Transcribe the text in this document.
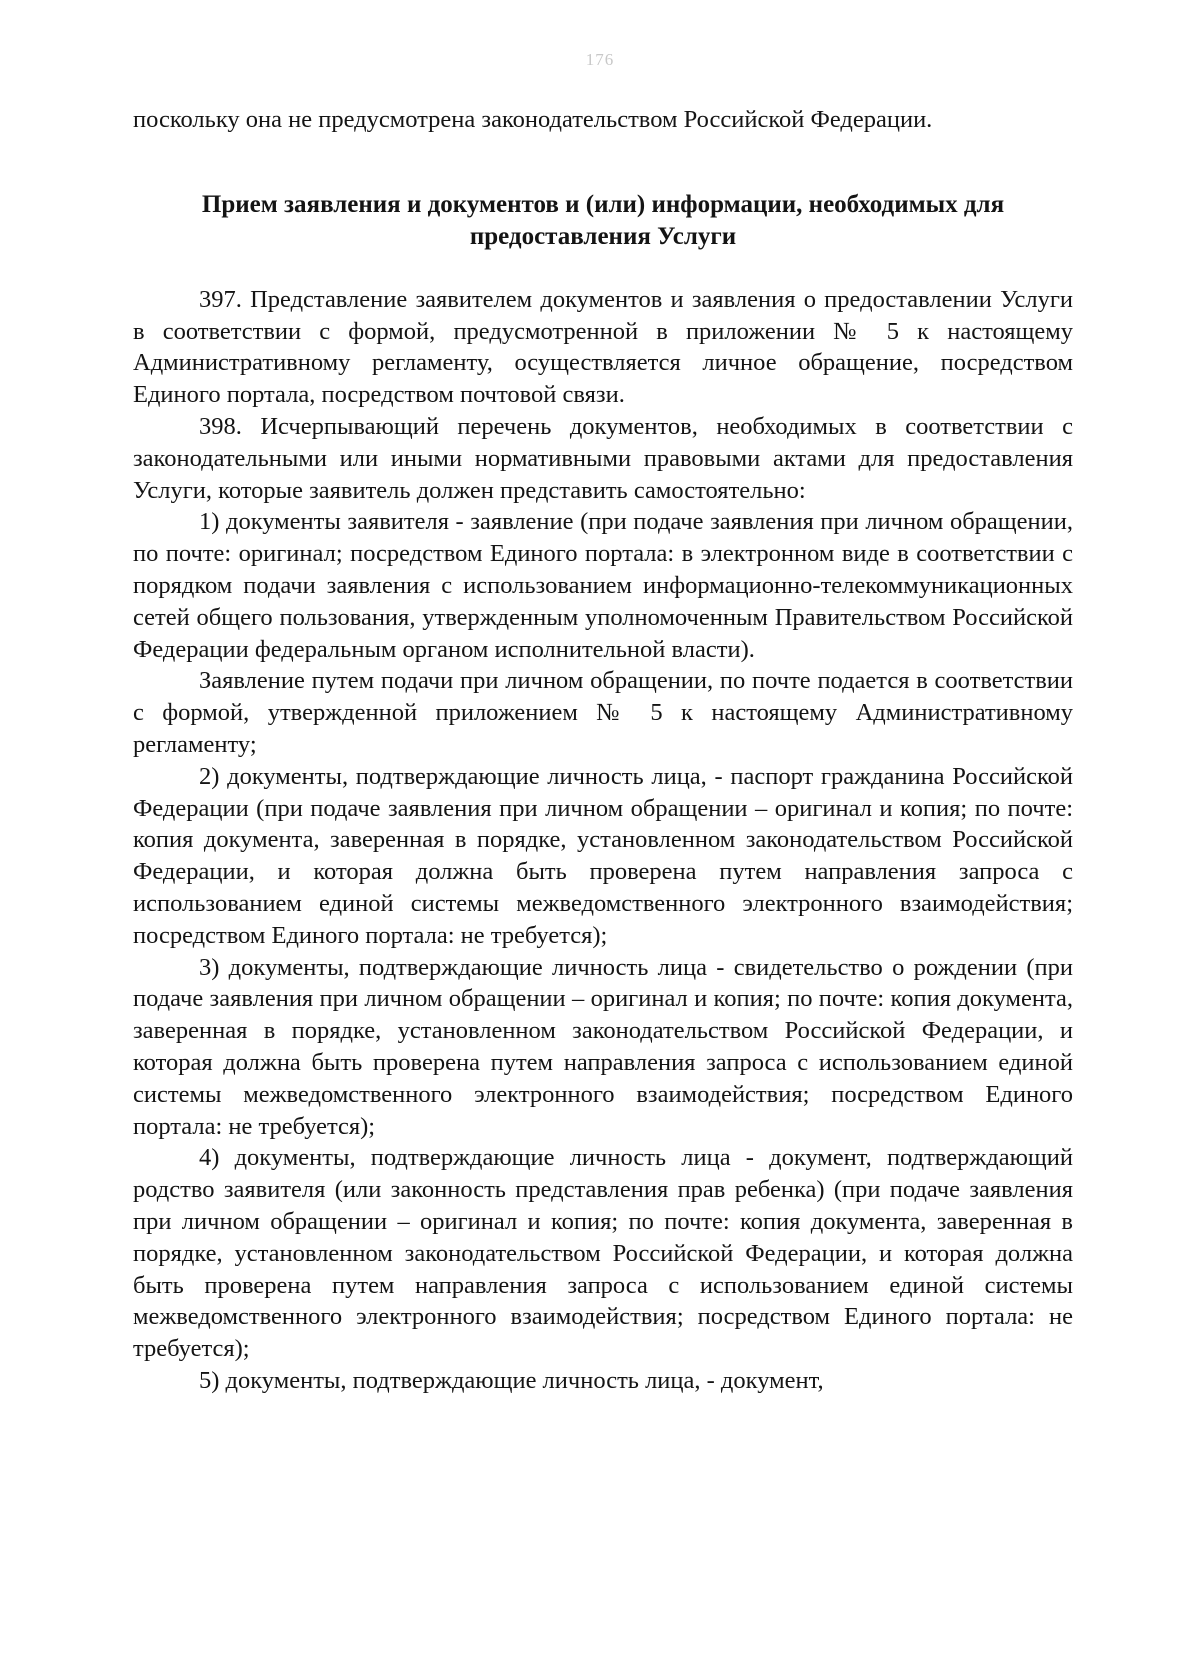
176

поскольку она не предусмотрена законодательством Российской Федерации.

Прием заявления и документов и (или) информации, необходимых для предоставления Услуги

397. Представление заявителем документов и заявления о предоставлении Услуги в соответствии с формой, предусмотренной в приложении № 5 к настоящему Административному регламенту, осуществляется личное обращение, посредством Единого портала, посредством почтовой связи.

398. Исчерпывающий перечень документов, необходимых в соответствии с законодательными или иными нормативными правовыми актами для предоставления Услуги, которые заявитель должен представить самостоятельно:

1) документы заявителя - заявление (при подаче заявления при личном обращении, по почте: оригинал; посредством Единого портала: в электронном виде в соответствии с порядком подачи заявления с использованием информационно-телекоммуникационных сетей общего пользования, утвержденным уполномоченным Правительством Российской Федерации федеральным органом исполнительной власти).

Заявление путем подачи при личном обращении, по почте подается в соответствии с формой, утвержденной приложением № 5 к настоящему Административному регламенту;

2) документы, подтверждающие личность лица, - паспорт гражданина Российской Федерации (при подаче заявления при личном обращении – оригинал и копия; по почте: копия документа, заверенная в порядке, установленном законодательством Российской Федерации, и которая должна быть проверена путем направления запроса с использованием единой системы межведомственного электронного взаимодействия; посредством Единого портала: не требуется);

3) документы, подтверждающие личность лица - свидетельство о рождении (при подаче заявления при личном обращении – оригинал и копия; по почте: копия документа, заверенная в порядке, установленном законодательством Российской Федерации, и которая должна быть проверена путем направления запроса с использованием единой системы межведомственного электронного взаимодействия; посредством Единого портала: не требуется);

4) документы, подтверждающие личность лица - документ, подтверждающий родство заявителя (или законность представления прав ребенка) (при подаче заявления при личном обращении – оригинал и копия; по почте: копия документа, заверенная в порядке, установленном законодательством Российской Федерации, и которая должна быть проверена путем направления запроса с использованием единой системы межведомственного электронного взаимодействия; посредством Единого портала: не требуется);

5) документы, подтверждающие личность лица, - документ,
